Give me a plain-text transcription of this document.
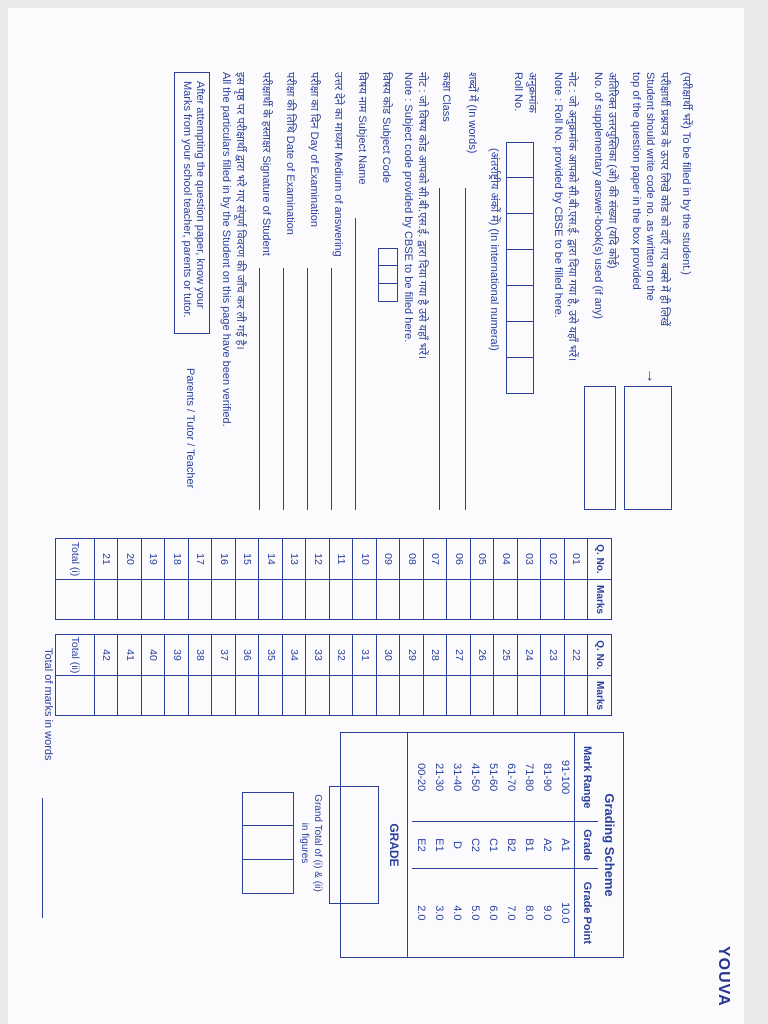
YOUVA
(परीक्षार्थी भरें) To be filled in by the student.)
परीक्षार्थी प्रश्नपत्र के ऊपर लिखे कोड को दाएँ गए बक्से में ही लिखें
Student should write code no. as written on the
top of the question paper in the box provided
→
अतिरिक्त उत्तरपुस्तिका (ओं) की संख्या (यदि कोई)
No. of supplementary answer-book(s) used (if any)
नोट : जो अनुक्रमांक आपको सी.बी.एस.ई. द्वारा दिया गया है, उसे यहाँ भरें।
Note : Roll No. provided by CBSE to be filled here.
अनुक्रमांक
Roll No.
(अंतर्राष्ट्रीय अंकों में) (In international numeral)
शब्दों में (In words)
कक्षा Class
नोट : जो विषय कोड आपको सी.बी.एस.ई. द्वारा दिया गया है उसे यहाँ भरें।
Note : Subject code provided by CBSE to be filled here.
विषय कोड Subject Code
विषय नाम Subject Name
उत्तर देने का माध्यम Medium of answering
परीक्षा का दिन Day of Examination
परीक्षा की तिथि Date of Examination
परीक्षार्थी के हस्ताक्षर Signature of Student
इस पृष्ठ पर परीक्षार्थी द्वारा भरे गए संपूर्ण विवरण की जाँच कर ली गई है।
All the particulars filled in by the Student on this page have been verified.
After attempting the question paper, know your
Marks from your school teacher, parents or tutor.
Parents / Tutor / Teacher
Q. No.	Marks
01	
02	
03	
04	
05	
06	
07	
08	
09	
10	
11	
12	
13	
14	
15	
16	
17	
18	
19	
20	
21	
Total (i)	
Q. No.	Marks
22	
23	
24	
25	
26	
27	
28	
29	
30	
31	
32	
33	
34	
35	
36	
37	
38	
39	
40	
41	
42	
Total (ii)	
Total of marks in words
Grading Scheme
Mark Range	Grade	Grade Point
91-100	A1	10.0
81-90	A2	9.0
71-80	B1	8.0
61-70	B2	7.0
51-60	C1	6.0
41-50	C2	5.0
31-40	D	4.0
21-30	E1	3.0
00-20	E2	2.0
GRADE
Grand Total of (i) & (ii)
in figures
